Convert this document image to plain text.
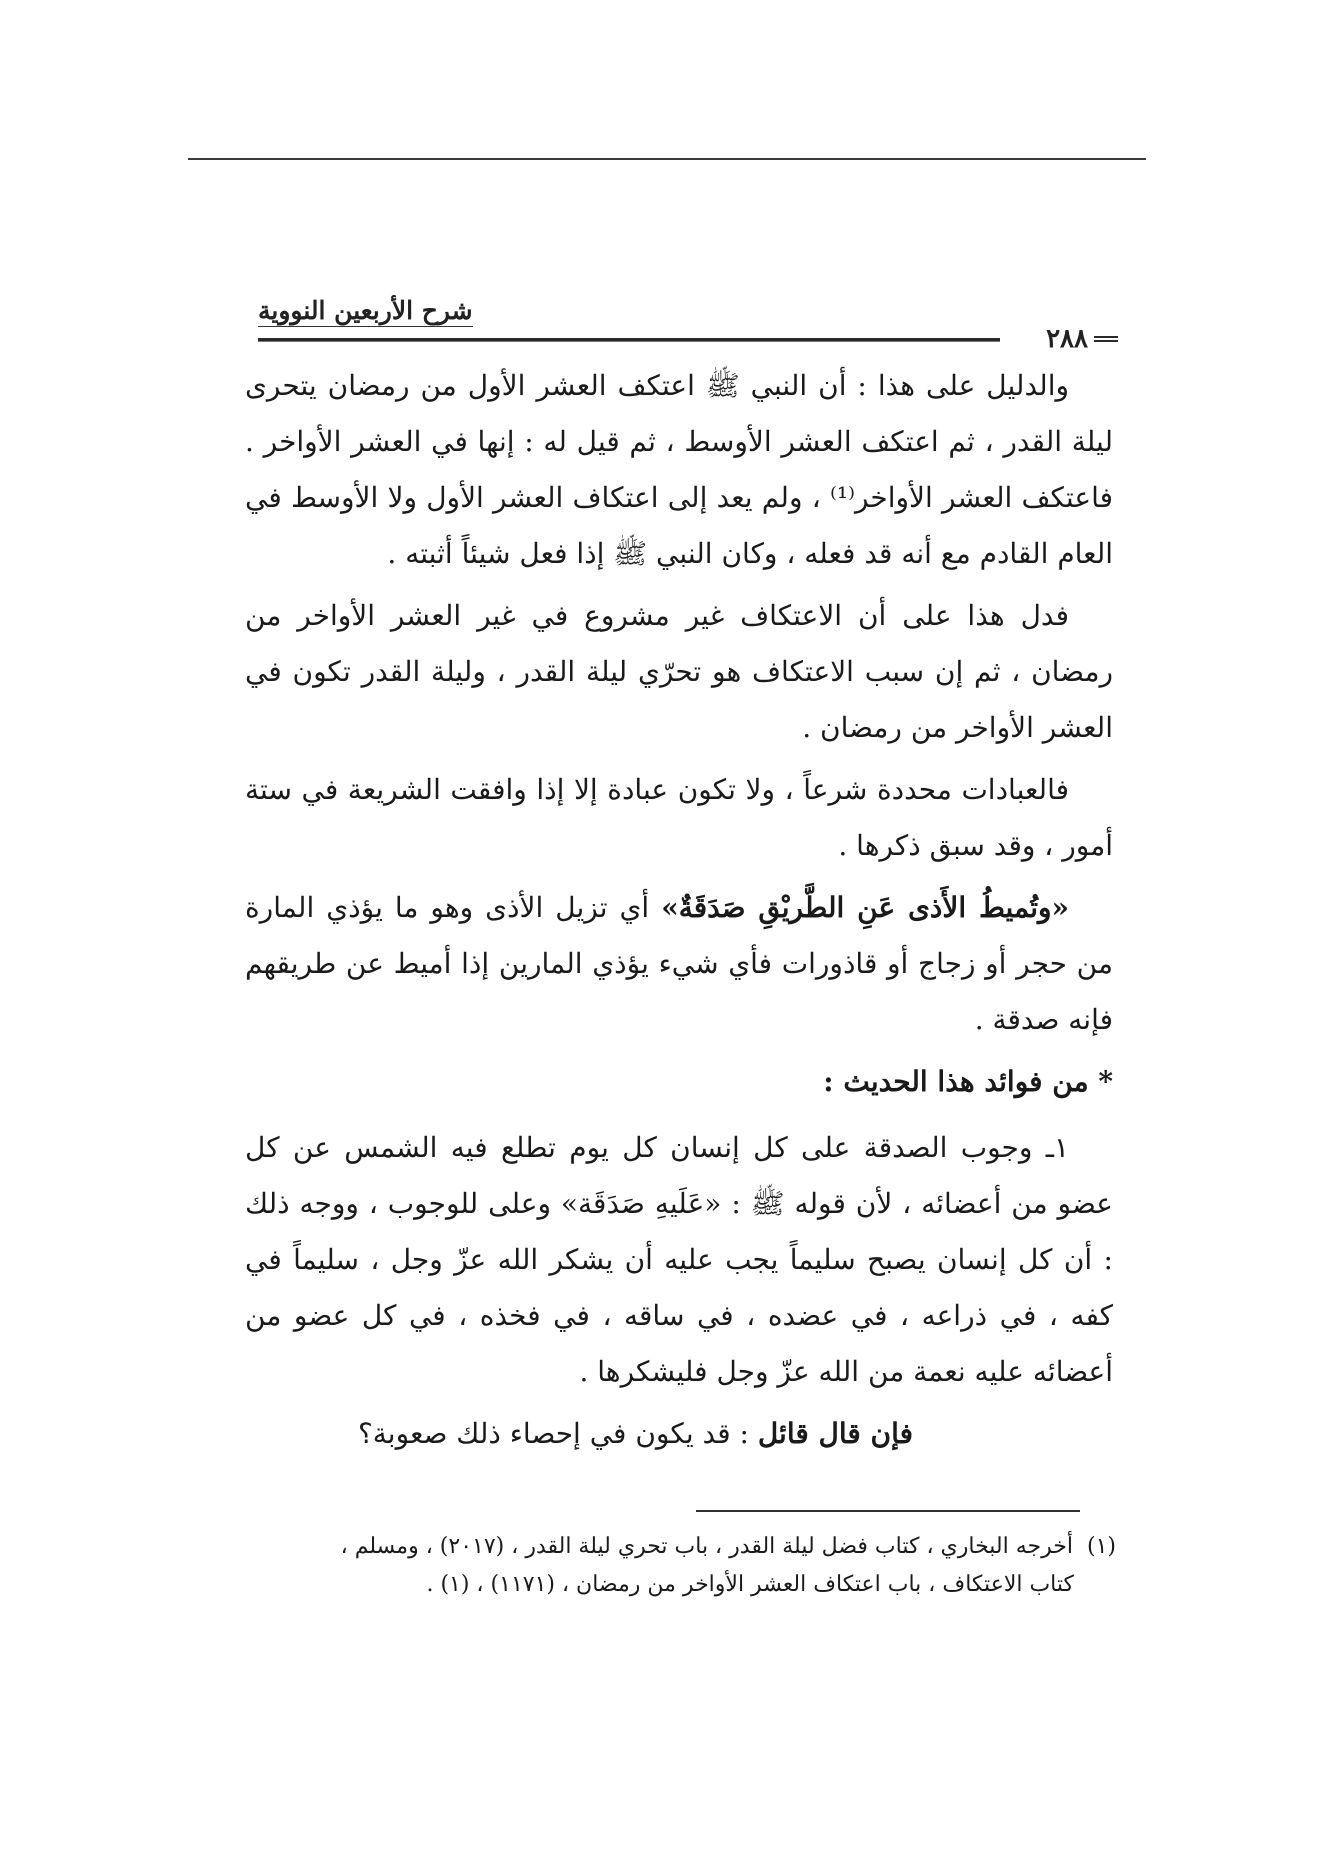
شرح الأربعين النووية
٢٨٨

والدليل على هذا : أن النبي ﷺ اعتكف العشر الأول من رمضان يتحرى ليلة القدر ، ثم اعتكف العشر الأوسط ، ثم قيل له : إنها في العشر الأواخر . فاعتكف العشر الأواخر⁽¹⁾ ، ولم يعد إلى اعتكاف العشر الأول ولا الأوسط في العام القادم مع أنه قد فعله ، وكان النبي ﷺ إذا فعل شيئاً أثبته .

فدل هذا على أن الاعتكاف غير مشروع في غير العشر الأواخر من رمضان ، ثم إن سبب الاعتكاف هو تحرّي ليلة القدر ، وليلة القدر تكون في العشر الأواخر من رمضان .

فالعبادات محددة شرعاً ، ولا تكون عبادة إلا إذا وافقت الشريعة في ستة أمور ، وقد سبق ذكرها .

«وتُميطُ الأَذى عَنِ الطَّريْقِ صَدَقَةٌ» أي تزيل الأذى وهو ما يؤذي المارة من حجر أو زجاج أو قاذورات فأي شيء يؤذي المارين إذا أميط عن طريقهم فإنه صدقة .

* من فوائد هذا الحديث :

١ـ وجوب الصدقة على كل إنسان كل يوم تطلع فيه الشمس عن كل عضو من أعضائه ، لأن قوله ﷺ : «عَلَيهِ صَدَقَة» وعلى للوجوب ، ووجه ذلك : أن كل إنسان يصبح سليماً يجب عليه أن يشكر الله عزّ وجل ، سليماً في كفه ، في ذراعه ، في عضده ، في ساقه ، في فخذه ، في كل عضو من أعضائه عليه نعمة من الله عزّ وجل فليشكرها .

فإن قال قائل : قد يكون في إحصاء ذلك صعوبة؟

(١)أخرجه البخاري ، كتاب فضل ليلة القدر ، باب تحري ليلة القدر ، (٢٠١٧) ، ومسلم ،
كتاب الاعتكاف ، باب اعتكاف العشر الأواخر من رمضان ، (١١٧١) ، (١) .
